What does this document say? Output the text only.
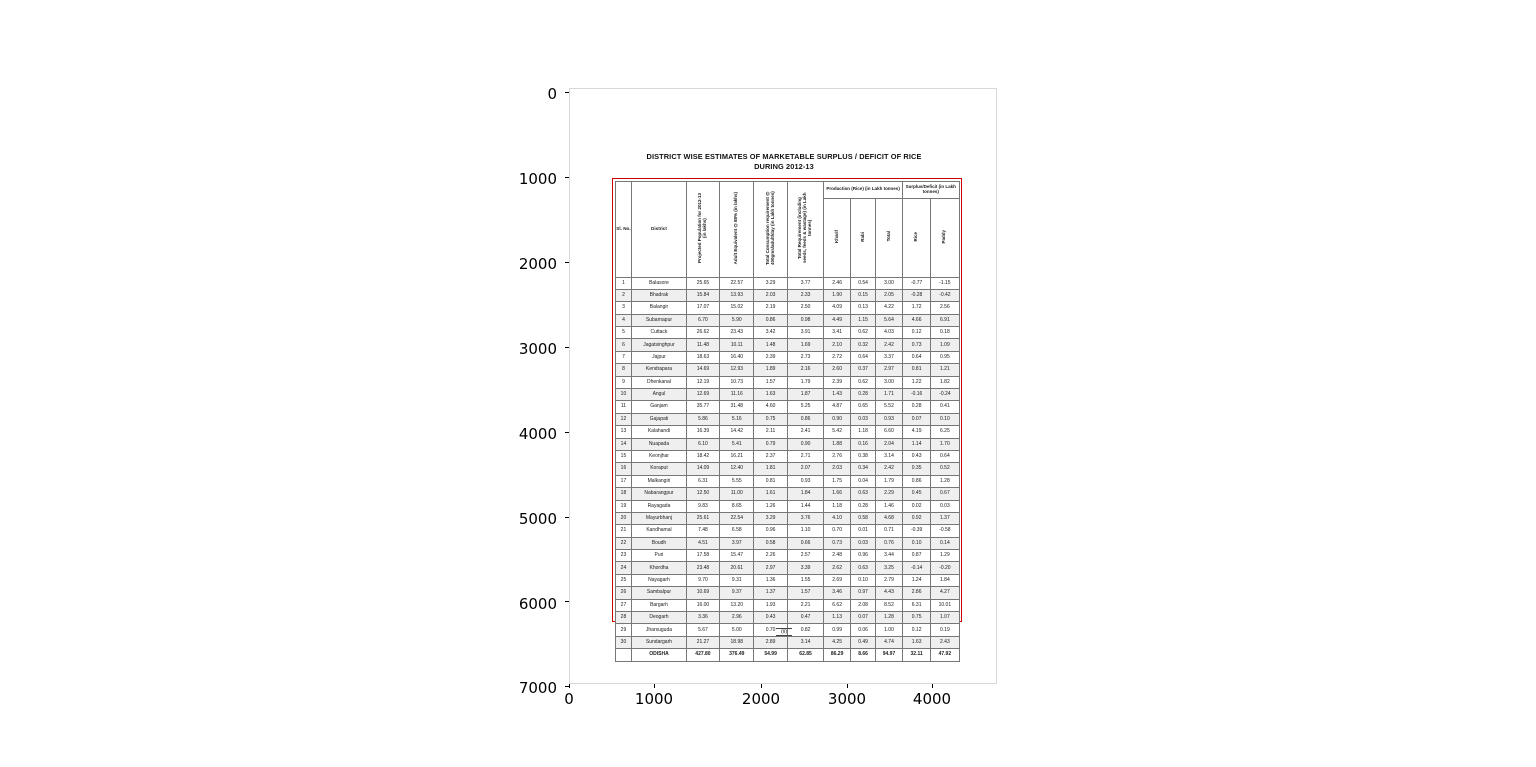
0
1000
2000
3000
4000
5000
6000
7000
0	1000	2000	3000	4000
DISTRICT WISE ESTIMATES OF MARKETABLE SURPLUS / DEFICIT OF RICE
DURING 2012-13
Sl. No.	District	Projected Population for 2012-13 (in lakhs)	Adult Equivalent @ 88% (in lakhs)	Total Consumption requirement @ 400gms/adult/day (in Lakh tonnes)	Total Requirement (including seeds, feeds & wastage) (in Lakh tonnes)	Production (Rice) (in Lakh tonnes)			Surplus/Deficit (in Lakh tonnes)	
						Kharif	Rabi	Total	Rice	Paddy
1	Balasore	25.65	22.57	3.29	3.77	2.46	0.54	3.00	-0.77	-1.15
2	Bhadrak	15.84	13.93	2.03	2.33	1.90	0.15	2.05	-0.28	-0.42
3	Balangir	17.07	15.02	2.19	2.50	4.09	0.13	4.22	1.72	2.56
4	Subarnapur	6.70	5.90	0.86	0.98	4.49	1.15	5.64	4.66	6.91
5	Cuttack	26.62	23.43	3.42	3.91	3.41	0.62	4.03	0.12	0.18
6	Jagatsinghpur	11.48	10.11	1.48	1.69	2.10	0.32	2.42	0.73	1.09
7	Jajpur	18.63	16.40	2.39	2.73	2.72	0.64	3.37	0.64	0.95
8	Kendrapara	14.69	12.93	1.89	2.16	2.60	0.37	2.97	0.81	1.21
9	Dhenkanal	12.19	10.73	1.57	1.79	2.39	0.62	3.00	1.22	1.82
10	Angul	12.69	11.16	1.63	1.87	1.43	0.28	1.71	-0.16	-0.24
11	Ganjam	35.77	31.48	4.60	5.25	4.87	0.65	5.52	0.28	0.41
12	Gajapati	5.86	5.16	0.75	0.86	0.90	0.03	0.93	0.07	0.10
13	Kalahandi	16.39	14.42	2.11	2.41	5.42	1.18	6.60	4.19	6.25
14	Nuapada	6.10	5.41	0.79	0.90	1.88	0.16	2.04	1.14	1.70
15	Keonjhar	18.42	16.21	2.37	2.71	2.76	0.38	3.14	0.43	0.64
16	Koraput	14.09	12.40	1.81	2.07	2.03	0.34	2.42	0.35	0.52
17	Malkangiri	6.31	5.55	0.81	0.93	1.75	0.04	1.79	0.86	1.28
18	Nabarangpur	12.50	11.00	1.61	1.84	1.66	0.63	2.29	0.45	0.67
19	Rayagada	9.83	8.65	1.26	1.44	1.18	0.28	1.46	0.02	0.03
20	Mayurbhanj	25.61	22.54	3.29	3.76	4.10	0.58	4.68	0.92	1.37
21	Kandhamal	7.48	6.58	0.96	1.10	0.70	0.01	0.71	-0.39	-0.58
22	Boudh	4.51	3.97	0.58	0.66	0.73	0.03	0.76	0.10	0.14
23	Puri	17.58	15.47	2.26	2.57	2.48	0.96	3.44	0.87	1.29
24	Khordha	23.48	20.61	2.97	3.39	2.62	0.63	3.25	-0.14	-0.20
25	Nayagarh	9.70	9.31	1.36	1.55	2.69	0.10	2.79	1.24	1.84
26	Sambalpur	10.69	9.37	1.37	1.57	3.46	0.97	4.43	2.86	4.27
27	Bargarh	16.00	13.20	1.93	2.21	6.62	2.08	8.52	6.31	10.01
28	Deogarh	3.36	2.96	0.43	0.47	1.13	0.07	1.28	0.75	1.07
29	Jharsuguda	5.67	5.00	0.70	0.82	0.99	0.06	1.00	0.12	0.19
30	Sundargarh	21.27	18.98	2.89	3.14	4.25	0.49	4.74	1.63	2.43
	ODISHA	427.80	376.49	54.99	62.85	86.29	8.66	94.97	32.11	47.92
(ii)
